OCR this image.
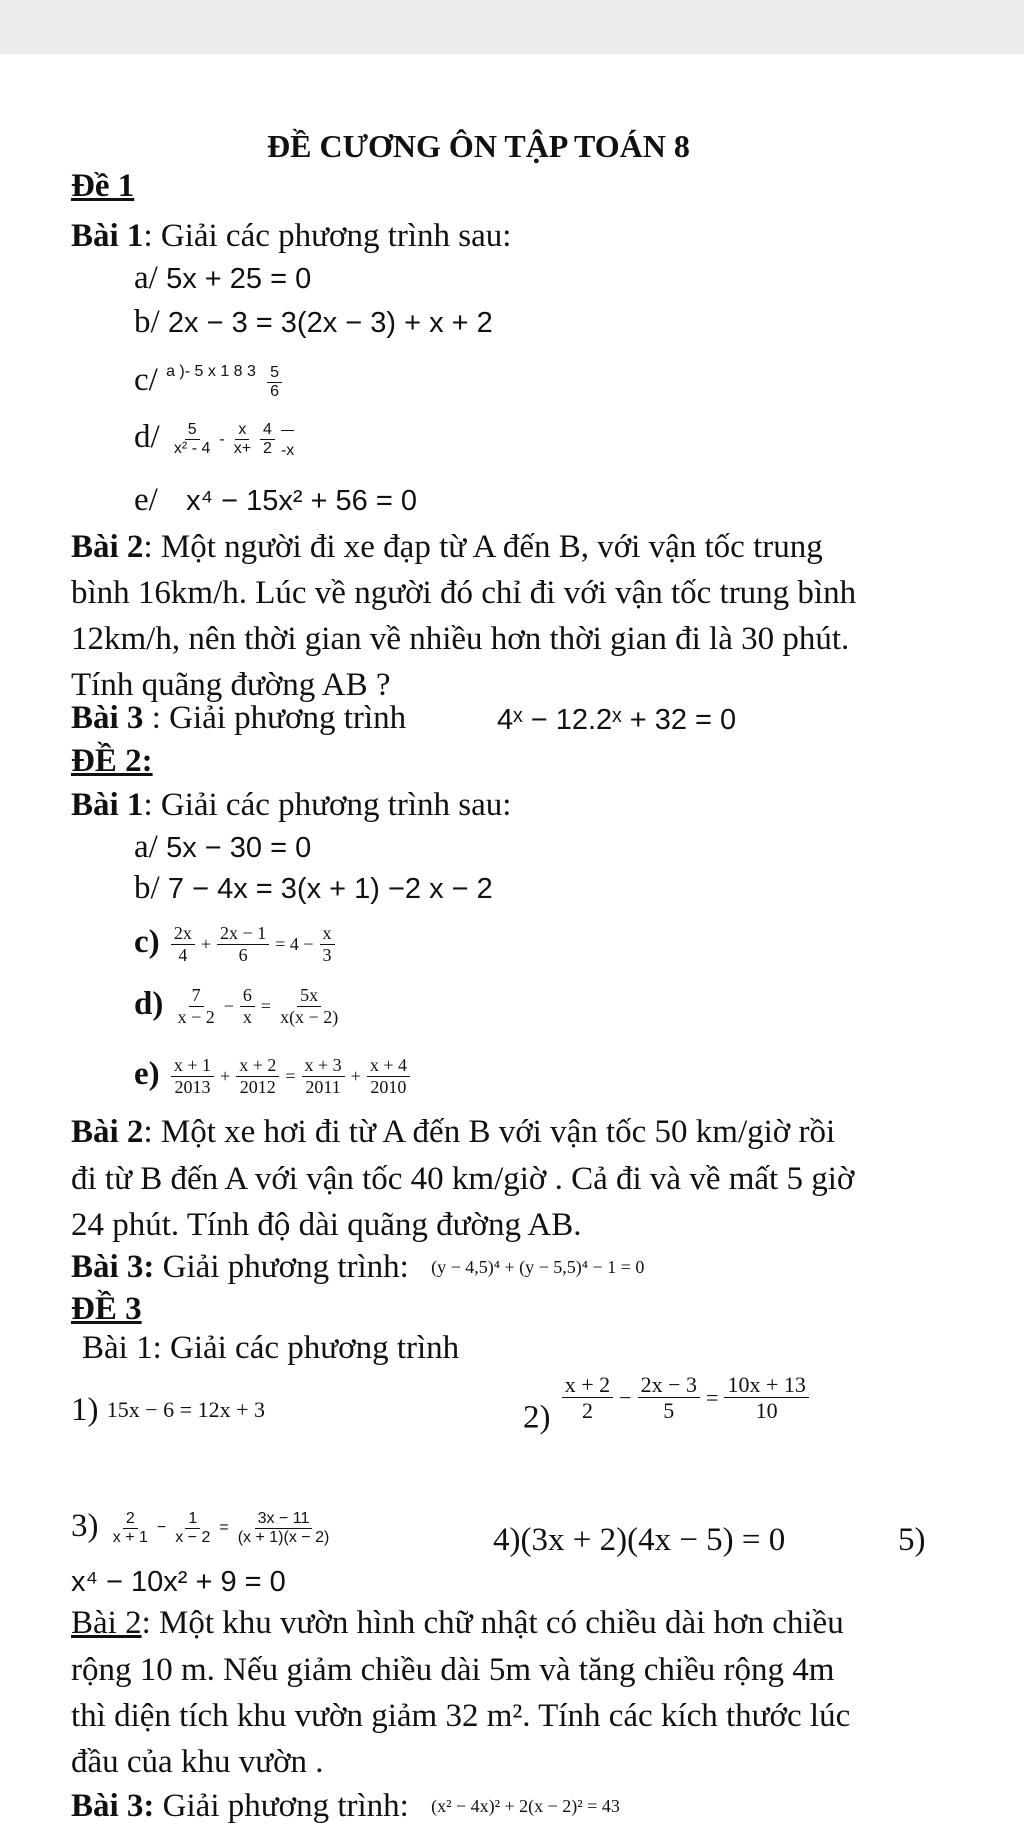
ĐỀ CƯƠNG ÔN TẬP TOÁN 8
Đề 1
Bài 1: Giải các phương trình sau:
a/ 5x + 25 = 0
b/ 2x − 3 = 3(2x − 3) + x + 2
c/ $^{a )- 5 x 1 8 3} \frac{5}{6}$
$d/ \frac{5}{\text{x² - 4}} - \frac{x}{x+} \frac{4}{2} -x$
e/ x⁴ − 15x² + 56 = 0
Bài 2: Một người đi xe đạp từ A đến B, với vận tốc trung
bình 16km/h. Lúc về người đó chỉ đi với vận tốc trung bình
12km/h, nên thời gian về nhiều hơn thời gian đi là 30 phút.
Tính quãng đường AB ?
Bài 3 : Giải phương trình	4ˣ − 12.2ˣ + 32 = 0
ĐỀ 2:
Bài 1: Giải các phương trình sau:
a/ 5x − 30 = 0
b/ 7 − 4x = 3(x + 1) −2 x − 2
$c) \frac{2x}{4} + \frac{2x - 1}{6} = 4 - \frac{x}{3}$
$d) \frac{7}{x - 2} - \frac{6}{x} = \frac{5x}{x(x - 2)}$
$e) \frac{x + 1}{2013} + \frac{x + 2}{2012} = \frac{x + 3}{2011} + \frac{x + 4}{2010}$
Bài 2: Một xe hơi đi từ A đến B với vận tốc 50 km/giờ rồi
đi từ B đến A với vận tốc 40 km/giờ . Cả đi và về mất 5 giờ
24 phút. Tính độ dài quãng đường AB.
Bài 3: Giải phương trình: (y − 4,5)⁴ + (y − 5,5)⁴ − 1 = 0
ĐỀ 3
Bài 1: Giải các phương trình
1) 15x − 6 = 12x + 3	$2) \frac{x + 2}{2} - \frac{2x - 3}{5} = \frac{10x + 13}{10}$
$3) \frac{2}{x + 1} - \frac{1}{x - 2} = \frac{3x - 11}{(x + 1)(x - 2)}$	4)(3x + 2)(4x − 5) = 0	5)
x⁴ − 10x² + 9 = 0
Bài 2: Một khu vườn hình chữ nhật có chiều dài hơn chiều
rộng 10 m. Nếu giảm chiều dài 5m và tăng chiều rộng 4m
thì diện tích khu vườn giảm 32 m². Tính các kích thước lúc
đầu của khu vườn .
Bài 3: Giải phương trình: (x² − 4x)² + 2(x − 2)² = 43
